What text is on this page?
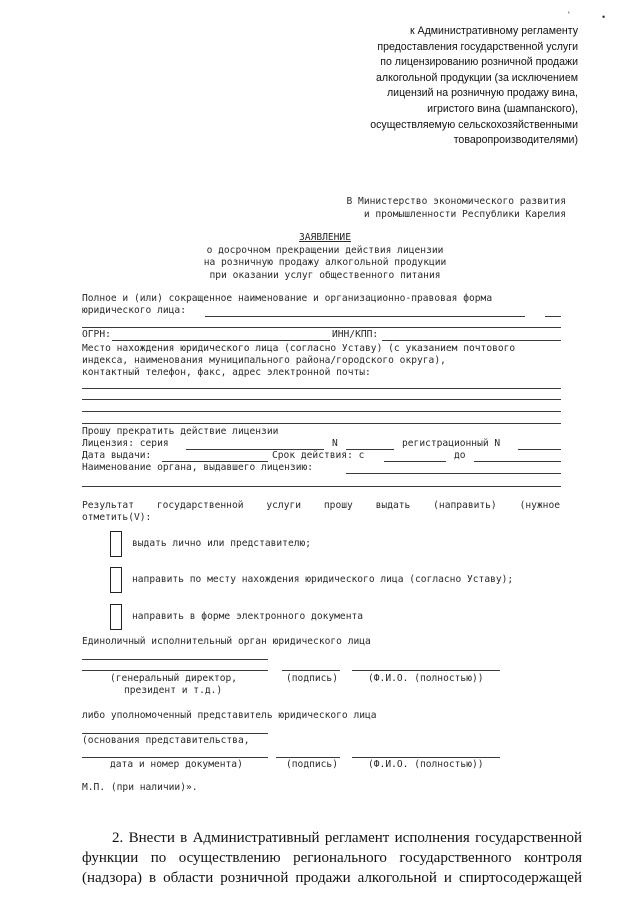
'	•
к Административному регламенту
предоставления государственной услуги
по лицензированию розничной продажи
алкогольной продукции (за исключением
лицензий на розничную продажу вина,
игристого вина (шампанского),
осуществляемую сельскохозяйственными
товаропроизводителями)
В Министерство экономического развития
и промышленности Республики Карелия
ЗАЯВЛЕНИЕ
о досрочном прекращении действия лицензии
на розничную продажу алкогольной продукции
при оказании услуг общественного питания
Полное и (или) сокращенное наименование и организационно-правовая форма
юридического лица:
ОГРН:	ИНН/КПП:
Место нахождения юридического лица (согласно Уставу) (с указанием почтового
индекса, наименования муниципального района/городского округа),
контактный телефон, факс, адрес электронной почты:
Прошу прекратить действие лицензии
Лицензия: серия	N	регистрационный N
Дата выдачи:	Срок действия: с	до
Наименование органа, выдавшего лицензию:
Результат государственной услуги прошу выдать (направить) (нужное
отметить(V):
выдать лично или представителю;
направить по месту нахождения юридического лица (согласно Уставу);
направить в форме электронного документа
Единоличный исполнительный орган юридического лица
(генеральный директор,
президент и т.д.)
(подпись)	(Ф.И.О. (полностью))
либо уполномоченный представитель юридического лица
(основания представительства,
дата и номер документа)	(подпись)	(Ф.И.О. (полностью))
М.П. (при наличии)».
2. Внести в Административный регламент исполнения государственной
функции по осуществлению регионального государственного контроля
(надзора) в области розничной продажи алкогольной и спиртосодержащей
